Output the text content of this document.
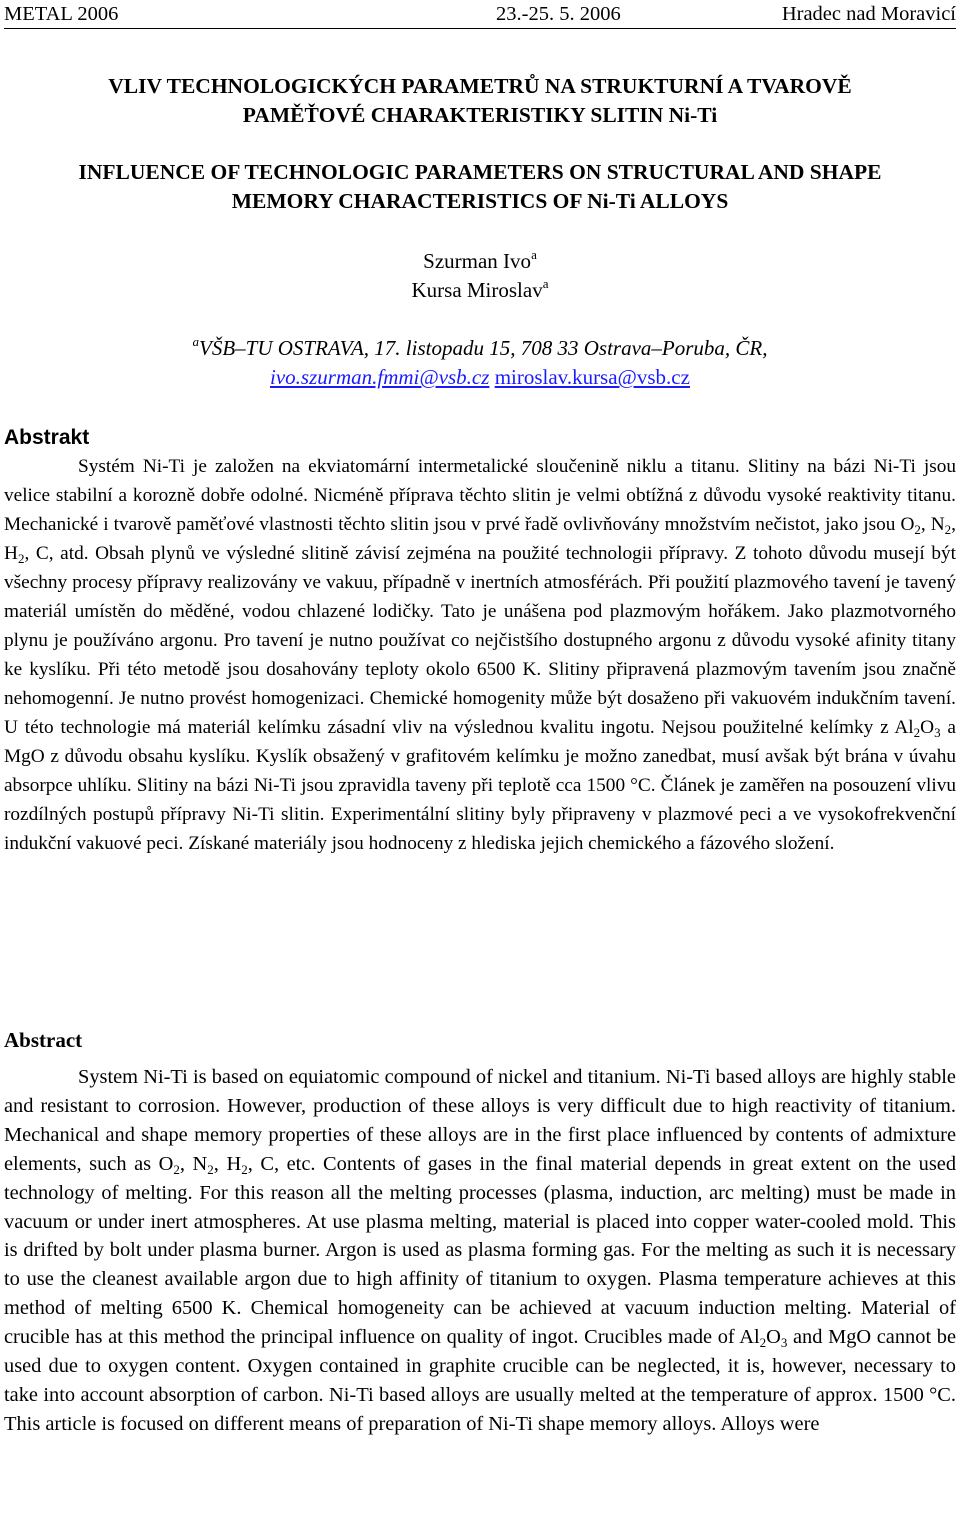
METAL 2006	23.-25. 5. 2006	Hradec nad Moravicí
VLIV TECHNOLOGICKÝCH PARAMETRŮ NA STRUKTURNÍ A TVAROVĚ
PAMĚŤOVÉ CHARAKTERISTIKY SLITIN Ni-Ti
INFLUENCE OF TECHNOLOGIC PARAMETERS ON STRUCTURAL AND SHAPE
MEMORY CHARACTERISTICS OF Ni-Ti ALLOYS
Szurman Ivo$^a$
Kursa Miroslav$^a$
$^a$VŠB–TU OSTRAVA, 17. listopadu 15, 708 33 Ostrava–Poruba, ČR,
ivo.szurman.fmmi@vsb.cz miroslav.kursa@vsb.cz
Abstrakt
Systém Ni-Ti je založen na ekviatomární intermetalické sloučenině niklu a titanu. Slitiny na bázi Ni-Ti jsou velice stabilní a korozně dobře odolné. Nicméně příprava těchto slitin je velmi obtížná z důvodu vysoké reaktivity titanu. Mechanické i tvarově paměťové vlastnosti těchto slitin jsou v prvé řadě ovlivňovány množstvím nečistot, jako jsou $O_2$, $N_2$, $H_2$, C, atd. Obsah plynů ve výsledné slitině závisí zejména na použité technologii přípravy. Z tohoto důvodu musejí být všechny procesy přípravy realizovány ve vakuu, případně v inertních atmosférách. Při použití plazmového tavení je tavený materiál umístěn do měděné, vodou chlazené lodičky. Tato je unášena pod plazmovým hořákem. Jako plazmotvorného plynu je používáno argonu. Pro tavení je nutno používat co nejčistšího dostupného argonu z důvodu vysoké afinity titany ke kyslíku. Při této metodě jsou dosahovány teploty okolo 6500 K. Slitiny připravená plazmovým tavením jsou značně nehomogenní. Je nutno provést homogenizaci. Chemické homogenity může být dosaženo při vakuovém indukčním tavení. U této technologie má materiál kelímku zásadní vliv na výslednou kvalitu ingotu. Nejsou použitelné kelímky z $Al_2O_3$ a MgO z důvodu obsahu kyslíku. Kyslík obsažený v grafitovém kelímku je možno zanedbat, musí avšak být brána v úvahu absorpce uhlíku. Slitiny na bázi Ni-Ti jsou zpravidla taveny při teplotě cca 1500 °C. Článek je zaměřen na posouzení vlivu rozdílných postupů přípravy Ni-Ti slitin. Experimentální slitiny byly připraveny v plazmové peci a ve vysokofrekvenční indukční vakuové peci. Získané materiály jsou hodnoceny z hlediska jejich chemického a fázového složení.
Abstract
System Ni-Ti is based on equiatomic compound of nickel and titanium. Ni-Ti based alloys are highly stable and resistant to corrosion. However, production of these alloys is very difficult due to high reactivity of titanium. Mechanical and shape memory properties of these alloys are in the first place influenced by contents of admixture elements, such as $O_2$, $N_2$, $H_2$, C, etc. Contents of gases in the final material depends in great extent on the used technology of melting. For this reason all the melting processes (plasma, induction, arc melting) must be made in vacuum or under inert atmospheres. At use plasma melting, material is placed into copper water-cooled mold. This is drifted by bolt under plasma burner. Argon is used as plasma forming gas. For the melting as such it is necessary to use the cleanest available argon due to high affinity of titanium to oxygen. Plasma temperature achieves at this method of melting 6500 K. Chemical homogeneity can be achieved at vacuum induction melting. Material of crucible has at this method the principal influence on quality of ingot. Crucibles made of $Al_2O_3$ and MgO cannot be used due to oxygen content. Oxygen contained in graphite crucible can be neglected, it is, however, necessary to take into account absorption of carbon. Ni-Ti based alloys are usually melted at the temperature of approx. 1500 °C. This article is focused on different means of preparation of Ni-Ti shape memory alloys. Alloys were
